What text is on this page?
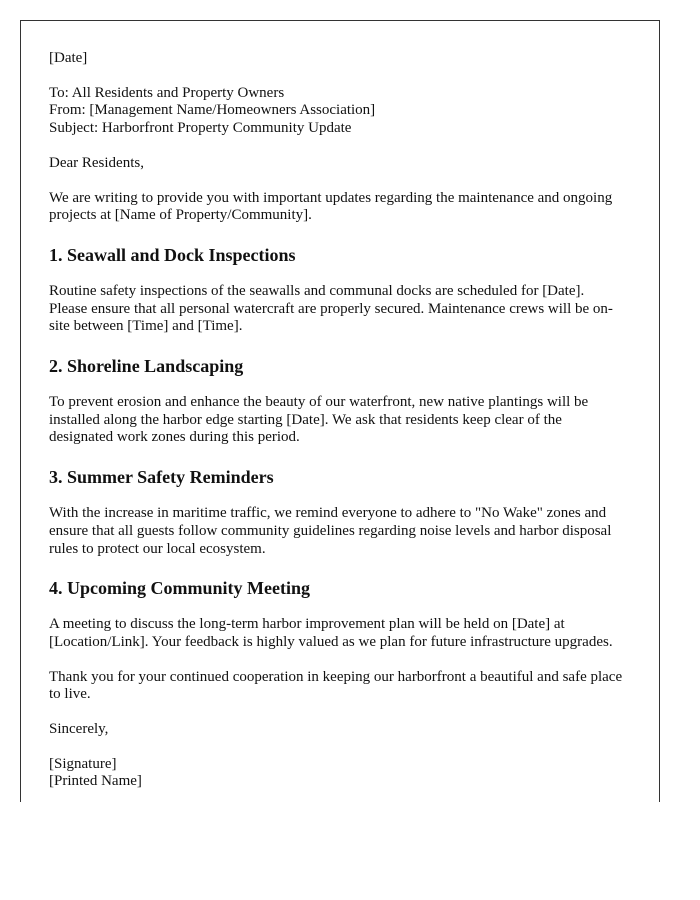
[Date]

To: All Residents and Property Owners
From: [Management Name/Homeowners Association]
Subject: Harborfront Property Community Update

Dear Residents,

We are writing to provide you with important updates regarding the maintenance and ongoing projects at [Name of Property/Community].

1. Seawall and Dock Inspections

Routine safety inspections of the seawalls and communal docks are scheduled for [Date]. Please ensure that all personal watercraft are properly secured. Maintenance crews will be on-site between [Time] and [Time].

2. Shoreline Landscaping

To prevent erosion and enhance the beauty of our waterfront, new native plantings will be installed along the harbor edge starting [Date]. We ask that residents keep clear of the designated work zones during this period.

3. Summer Safety Reminders

With the increase in maritime traffic, we remind everyone to adhere to "No Wake" zones and ensure that all guests follow community guidelines regarding noise levels and harbor disposal rules to protect our local ecosystem.

4. Upcoming Community Meeting

A meeting to discuss the long-term harbor improvement plan will be held on [Date] at [Location/Link]. Your feedback is highly valued as we plan for future infrastructure upgrades.

Thank you for your continued cooperation in keeping our harborfront a beautiful and safe place to live.

Sincerely,

[Signature]
[Printed Name]
